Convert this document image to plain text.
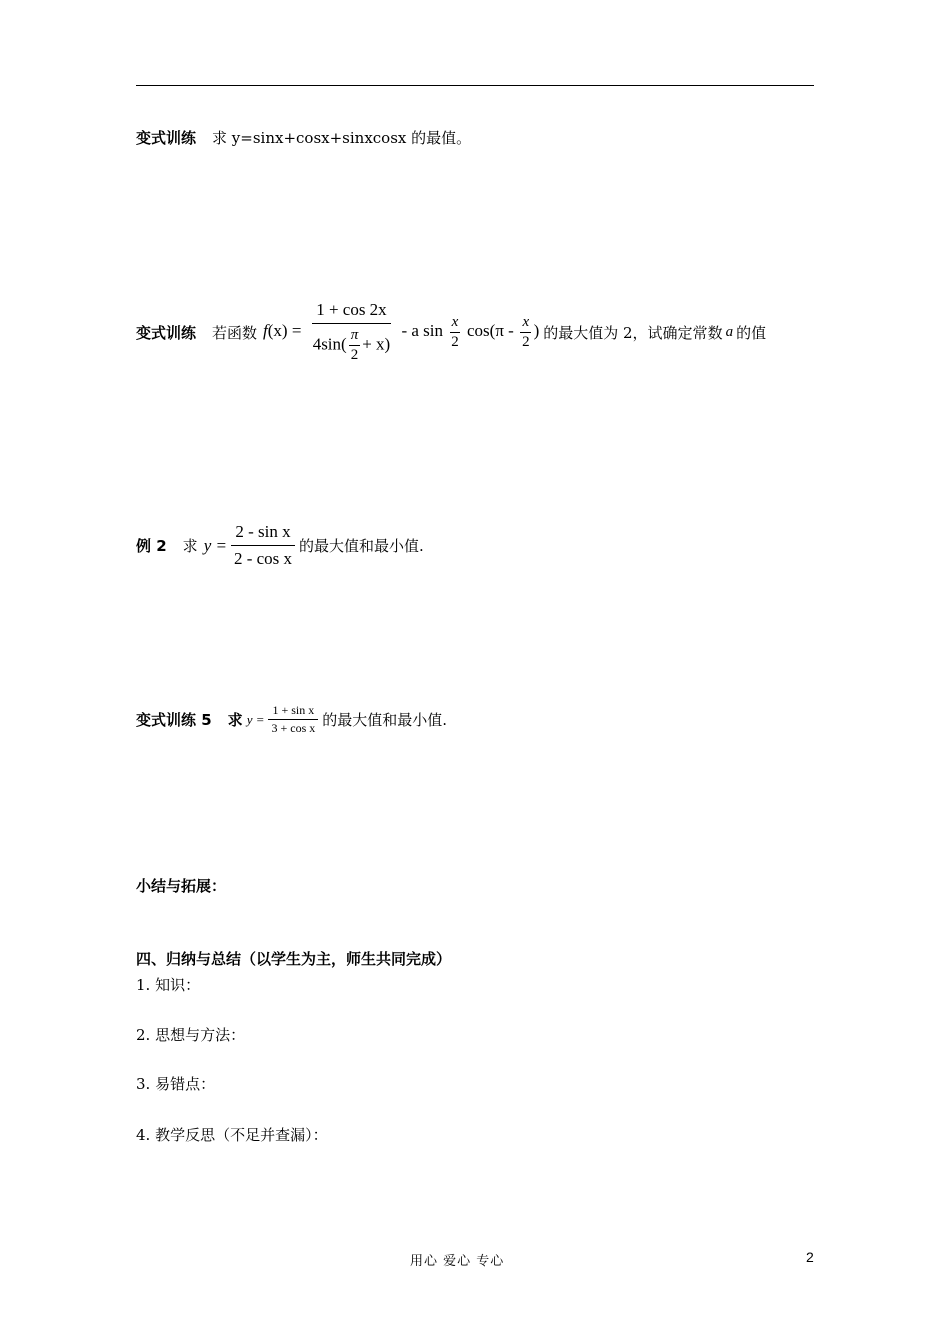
变式训练 求 y=sinx+cosx+sinxcosx 的最值。
变式训练 若函数 $f(x) = \frac{1 + \cos 2x}{4\sin( \frac{\pi}{2} + x)} - a$ $\sin \frac{x}{2} \cos(\pi - \frac{x}{2}$ ) 的最大值为 2，试确定常数 a 的值
例 2 求 $y = \frac{\text{2 - sin x}}{\text{2 - cos x}}$ 的最大值和最小值.
变式训练 5 求 $y = \frac{\text{1 + sin x}}{\text{3 + cos x}}$ 的最大值和最小值.
小结与拓展：
四、归纳与总结（以学生为主，师生共同完成）
1. 知识：
2. 思想与方法：
3. 易错点：
4. 教学反思（不足并查漏）：
用心 爱心 专心	2
